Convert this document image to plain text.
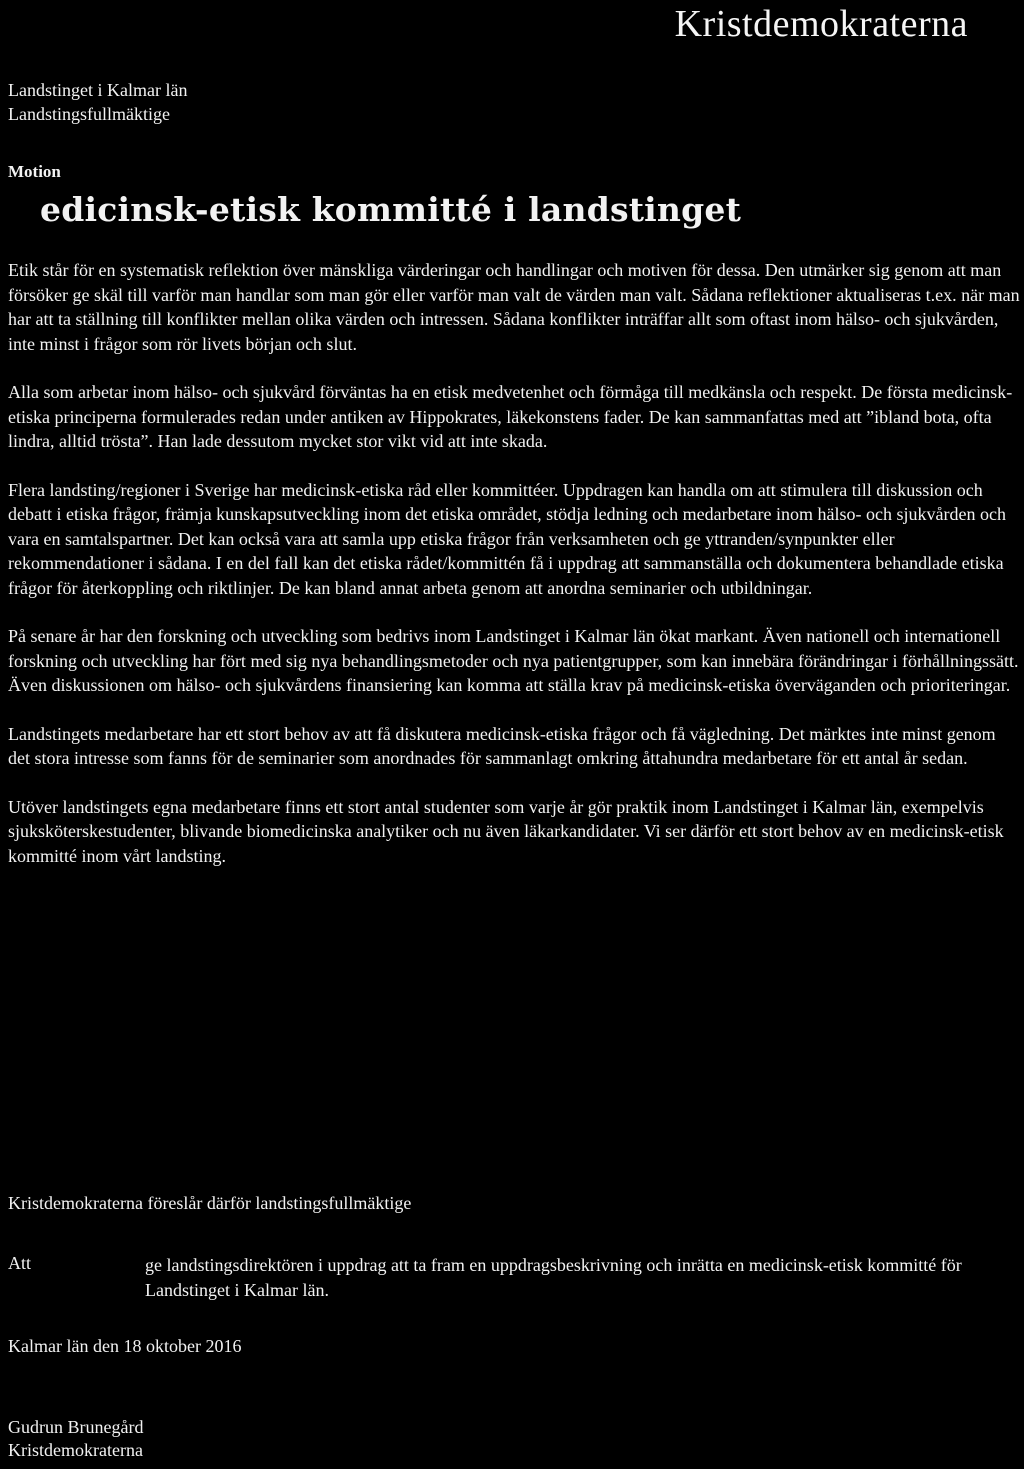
Kristdemokraterna
Landstinget i Kalmar län
Landstingsfullmäktige
Motion
edicinsk-etisk kommitté i landstinget

Etik står för en systematisk reflektion över mänskliga värderingar och handlingar och motiven för dessa. Den utmärker sig genom att man försöker ge skäl till varför man handlar som man gör eller varför man valt de värden man valt. Sådana reflektioner aktualiseras t.ex. när man har att ta ställning till konflikter mellan olika värden och intressen. Sådana konflikter inträffar allt som oftast inom hälso- och sjukvården, inte minst i frågor som rör livets början och slut.

Alla som arbetar inom hälso- och sjukvård förväntas ha en etisk medvetenhet och förmåga till medkänsla och respekt. De första medicinsk-etiska principerna formulerades redan under antiken av Hippokrates, läkekonstens fader. De kan sammanfattas med att ”ibland bota, ofta lindra, alltid trösta”. Han lade dessutom mycket stor vikt vid att inte skada.

Flera landsting/regioner i Sverige har medicinsk-etiska råd eller kommittéer. Uppdragen kan handla om att stimulera till diskussion och debatt i etiska frågor, främja kunskapsutveckling inom det etiska området, stödja ledning och medarbetare inom hälso- och sjukvården och vara en samtalspartner. Det kan också vara att samla upp etiska frågor från verksamheten och ge yttranden/synpunkter eller rekommendationer i sådana. I en del fall kan det etiska rådet/kommittén få i uppdrag att sammanställa och dokumentera behandlade etiska frågor för återkoppling och riktlinjer. De kan bland annat arbeta genom att anordna seminarier och utbildningar.

På senare år har den forskning och utveckling som bedrivs inom Landstinget i Kalmar län ökat markant. Även nationell och internationell forskning och utveckling har fört med sig nya behandlingsmetoder och nya patientgrupper, som kan innebära förändringar i förhållningssätt. Även diskussionen om hälso- och sjukvårdens finansiering kan komma att ställa krav på medicinsk-etiska överväganden och prioriteringar.

Landstingets medarbetare har ett stort behov av att få diskutera medicinsk-etiska frågor och få vägledning. Det märktes inte minst genom det stora intresse som fanns för de seminarier som anordnades för sammanlagt omkring åttahundra medarbetare för ett antal år sedan.

Utöver landstingets egna medarbetare finns ett stort antal studenter som varje år gör praktik inom Landstinget i Kalmar län, exempelvis sjuksköterskestudenter, blivande biomedicinska analytiker och nu även läkarkandidater. Vi ser därför ett stort behov av en medicinsk-etisk kommitté inom vårt landsting.

Kristdemokraterna föreslår därför landstingsfullmäktige
Att	ge landstingsdirektören i uppdrag att ta fram en uppdragsbeskrivning och inrätta en medicinsk-etisk kommitté för Landstinget i Kalmar län.
Kalmar län den 18 oktober 2016
Gudrun Brunegård
Kristdemokraterna
